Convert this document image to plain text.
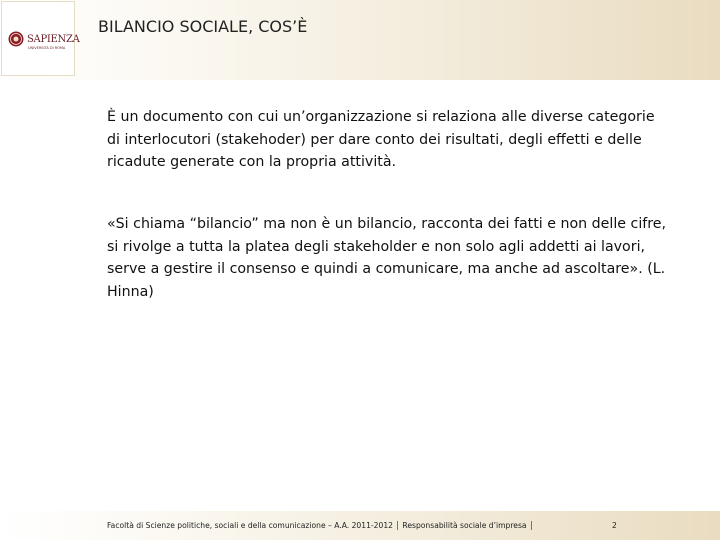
SAPIENZA
UNIVERSITÀ DI ROMA
BILANCIO SOCIALE, COS’È

È un documento con cui un’organizzazione si relaziona alle diverse categorie di interlocutori (stakehoder) per dare conto dei risultati, degli effetti e delle ricadute generate con la propria attività.

«Si chiama “bilancio” ma non è un bilancio, racconta dei fatti e non delle cifre, si rivolge a tutta la platea degli stakeholder e non solo agli addetti ai lavori, serve a gestire il consenso e quindi a comunicare, ma anche ad ascoltare». (L. Hinna)

Facoltà di Scienze politiche, sociali e della comunicazione – A.A. 2011-2012 │ Responsabilità sociale d’impresa │	2
